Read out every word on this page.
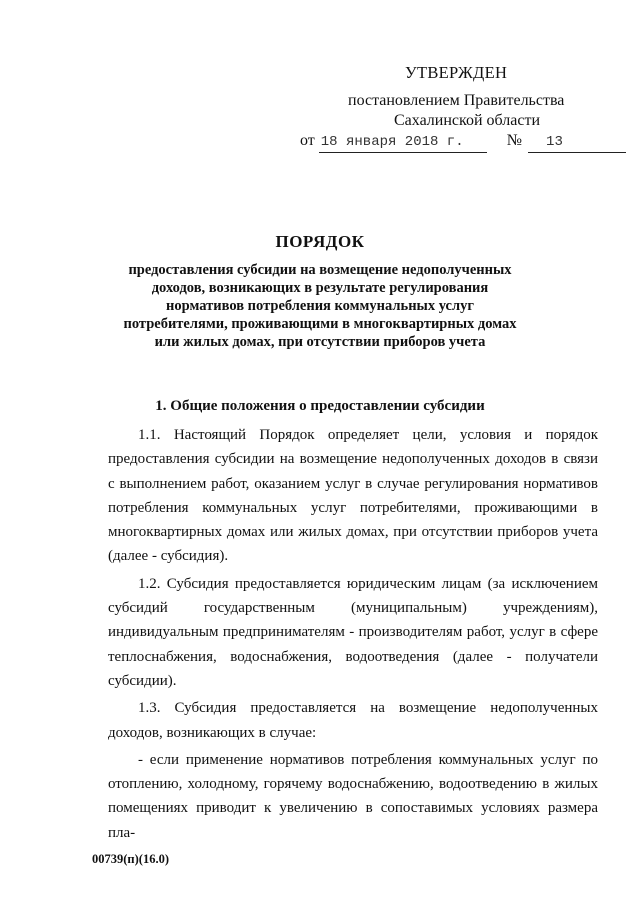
УТВЕРЖДЕН
постановлением Правительства
Сахалинской области
от 18 января 2018 г.	№ 13
ПОРЯДОК
предоставления субсидии на возмещение недополученных доходов, возникающих в результате регулирования нормативов потребления коммунальных услуг потребителями, проживающими в многоквартирных домах или жилых домах, при отсутствии приборов учета
1. Общие положения о предоставлении субсидии

1.1. Настоящий Порядок определяет цели, условия и порядок предоставления субсидии на возмещение недополученных доходов в связи с выполнением работ, оказанием услуг в случае регулирования нормативов потребления коммунальных услуг потребителями, проживающими в многоквартирных домах или жилых домах, при отсутствии приборов учета (далее - субсидия).

1.2. Субсидия предоставляется юридическим лицам (за исключением субсидий государственным (муниципальным) учреждениям), индивидуальным предпринимателям - производителям работ, услуг в сфере теплоснабжения, водоснабжения, водоотведения (далее - получатели субсидии).

1.3. Субсидия предоставляется на возмещение недополученных доходов, возникающих в случае:

- если применение нормативов потребления коммунальных услуг по отоплению, холодному, горячему водоснабжению, водоотведению в жилых помещениях приводит к увеличению в сопоставимых условиях размера пла-

00739(п)(16.0)
